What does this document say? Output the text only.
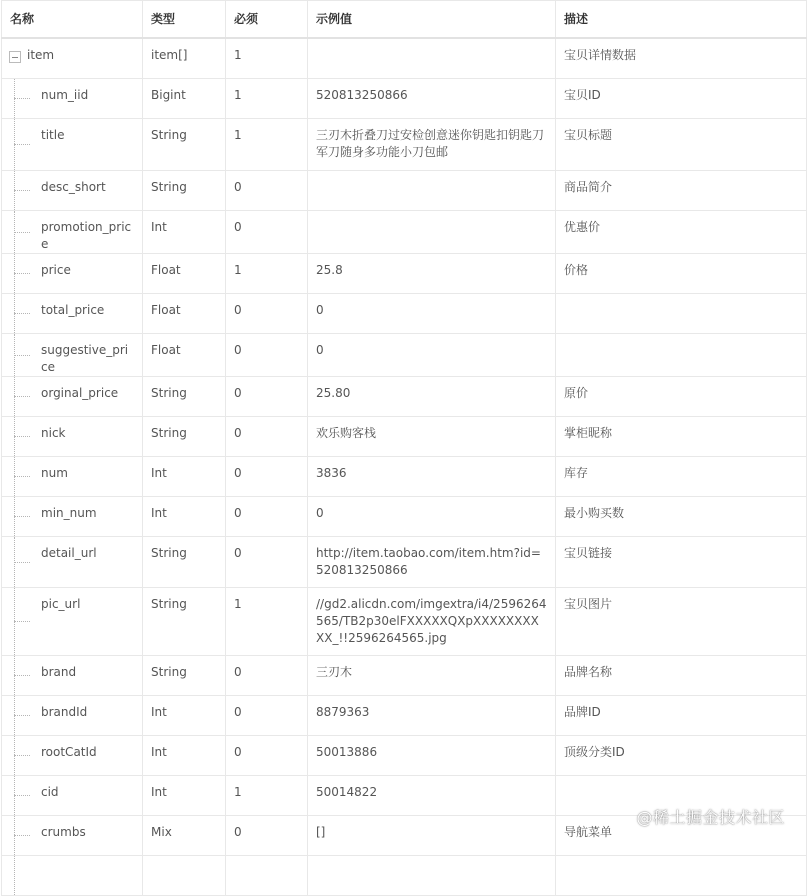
名称	类型	必须	示例值	描述

item	item[]	1		宝贝详情数据

num_iid	Bigint	1	520813250866	宝贝ID

title	String	1	三刃木折叠刀过安检创意迷你钥匙扣钥匙刀军刀随身多功能小刀包邮	宝贝标题

desc_short	String	0		商品简介

promotion_price	Int	0		优惠价

price	Float	1	25.8	价格

total_price	Float	0	0	

suggestive_price	Float	0	0	

orginal_price	String	0	25.80	原价

nick	String	0	欢乐购客栈	掌柜昵称

num	Int	0	3836	库存

min_num	Int	0	0	最小购买数

detail_url	String	0	http://item.taobao.com/item.htm?id=520813250866	宝贝链接

pic_url	String	1	//gd2.alicdn.com/imgextra/i4/2596264565/TB2p30elFXXXXXQXpXXXXXXXXXX_!!2596264565.jpg	宝贝图片

brand	String	0	三刃木	品牌名称

brandId	Int	0	8879363	品牌ID

rootCatId	Int	0	50013886	顶级分类ID

cid	Int	1	50014822	

crumbs	Mix	0	[]	导航菜单

@稀土掘金技术社区
